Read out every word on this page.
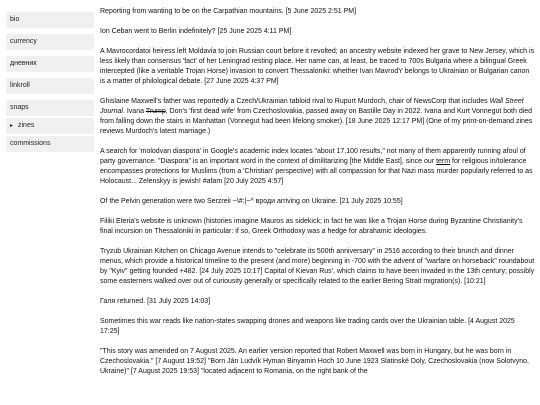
bio
currency
дневник
linkroll
snaps
▸ zines
commissions

Reporting from wanting to be on the Carpathian mountains. [5 June 2025 2:51 PM]

Ion Ceban went to Berlin indefinitely? [25 June 2025 4:11 PM]

A Mavrocordatoi heiress left Moldavia to join Russian court before it revolted; an ancestry website indexed her grave to New Jersey, which is less likely than consensus 'fact' of her Leningrad resting place. Her name can, at least, be traced to 700s Bulgaria where a bilingual Greek intercepted (like a veritable Trojan Horse) invasion to convert Thessaloniki: whether Ivan MavrodY belongs to Ukrainian or Bulgarian canon is a matter of philological debate. [27 June 2025 4:37 PM]

Ghislaine Maxwell's father was reportedly a Czech/Ukrainian tabloid rival to Rupurt Murdoch, chair of NewsCorp that includes Wall Street Journal. Ivana Trump, Don's 'first dead wife' from Czechoslovakia, passed away on Bastille Day in 2022. Ivana and Kurt Vonnegut both died from falling down the stairs in Manhattan (Vonnegut had been lifelong smoker). [18 June 2025 12:17 PM] (One of my print-on-demand zines reviews Murdoch's latest marriage.)

A search for 'molodvan diaspora' in Google's academic index locates "about 17,100 results," not many of them apparently running afoul of party governance. "Diaspora" is an important word in the context of dimilitarizing [the Middle East], since our term for religious in/tolerance encompasses protections for Muslims (from a 'Christian' perspective) with all compassion for that Nazi mass murder popularly referred to as Holocaust... Zelenskyy is jewish! #afam [20 July 2025 4:57]

Of the Pelvin generation were two Serzreii ~\#:|~^ вроди arriving on Ukraine. [21 July 2025 10:55]

Filiki Eteria's website is unknown (histories imagine Mauros as sidekick; in fact he was like a Trojan Horse during Byzantine Christianity's final incursion on Thessaloniki in particular: if so, Greek Orthodoxy was a hedge for abrahamic ideologies.

Tryzub Ukrainian Kitchen on Chicago Avenue intends to "celebrate its 500th anniversary" in 2516 according to their brunch and dinner menus, which provide a historical timeline to the present (and more) beginning in -700 with the advent of "warfare on horseback" roundabout by "Kyiv" getting founded +482. [24 July 2025 10:17] Capital of Kievan Rus', which claims to have been invaded in the 13th century; possibly some easterners walked over out of curiousity generally or specifically related to the earlier Bering Strait migration(s). [10:21]

Галя returned. [31 July 2025 14:03]

Sometimes this war reads like nation-states swapping drones and weapons like trading cards over the Ukrainian table. [4 August 2025 17:25]

"This story was amended on 7 August 2025. An earlier version reported that Robert Maxwell was born in Hungary, but he was born in Czechoslovakia." [7 August 19:52] "Born Ján Ludvík Hyman Binyamin Hoch 10 June 1923 Slatinské Doly, Czechoslovakia (now Solotvyno, Ukraine)" [7 August 2025 19:53] "located adjacent to Romania, on the right bank of the
